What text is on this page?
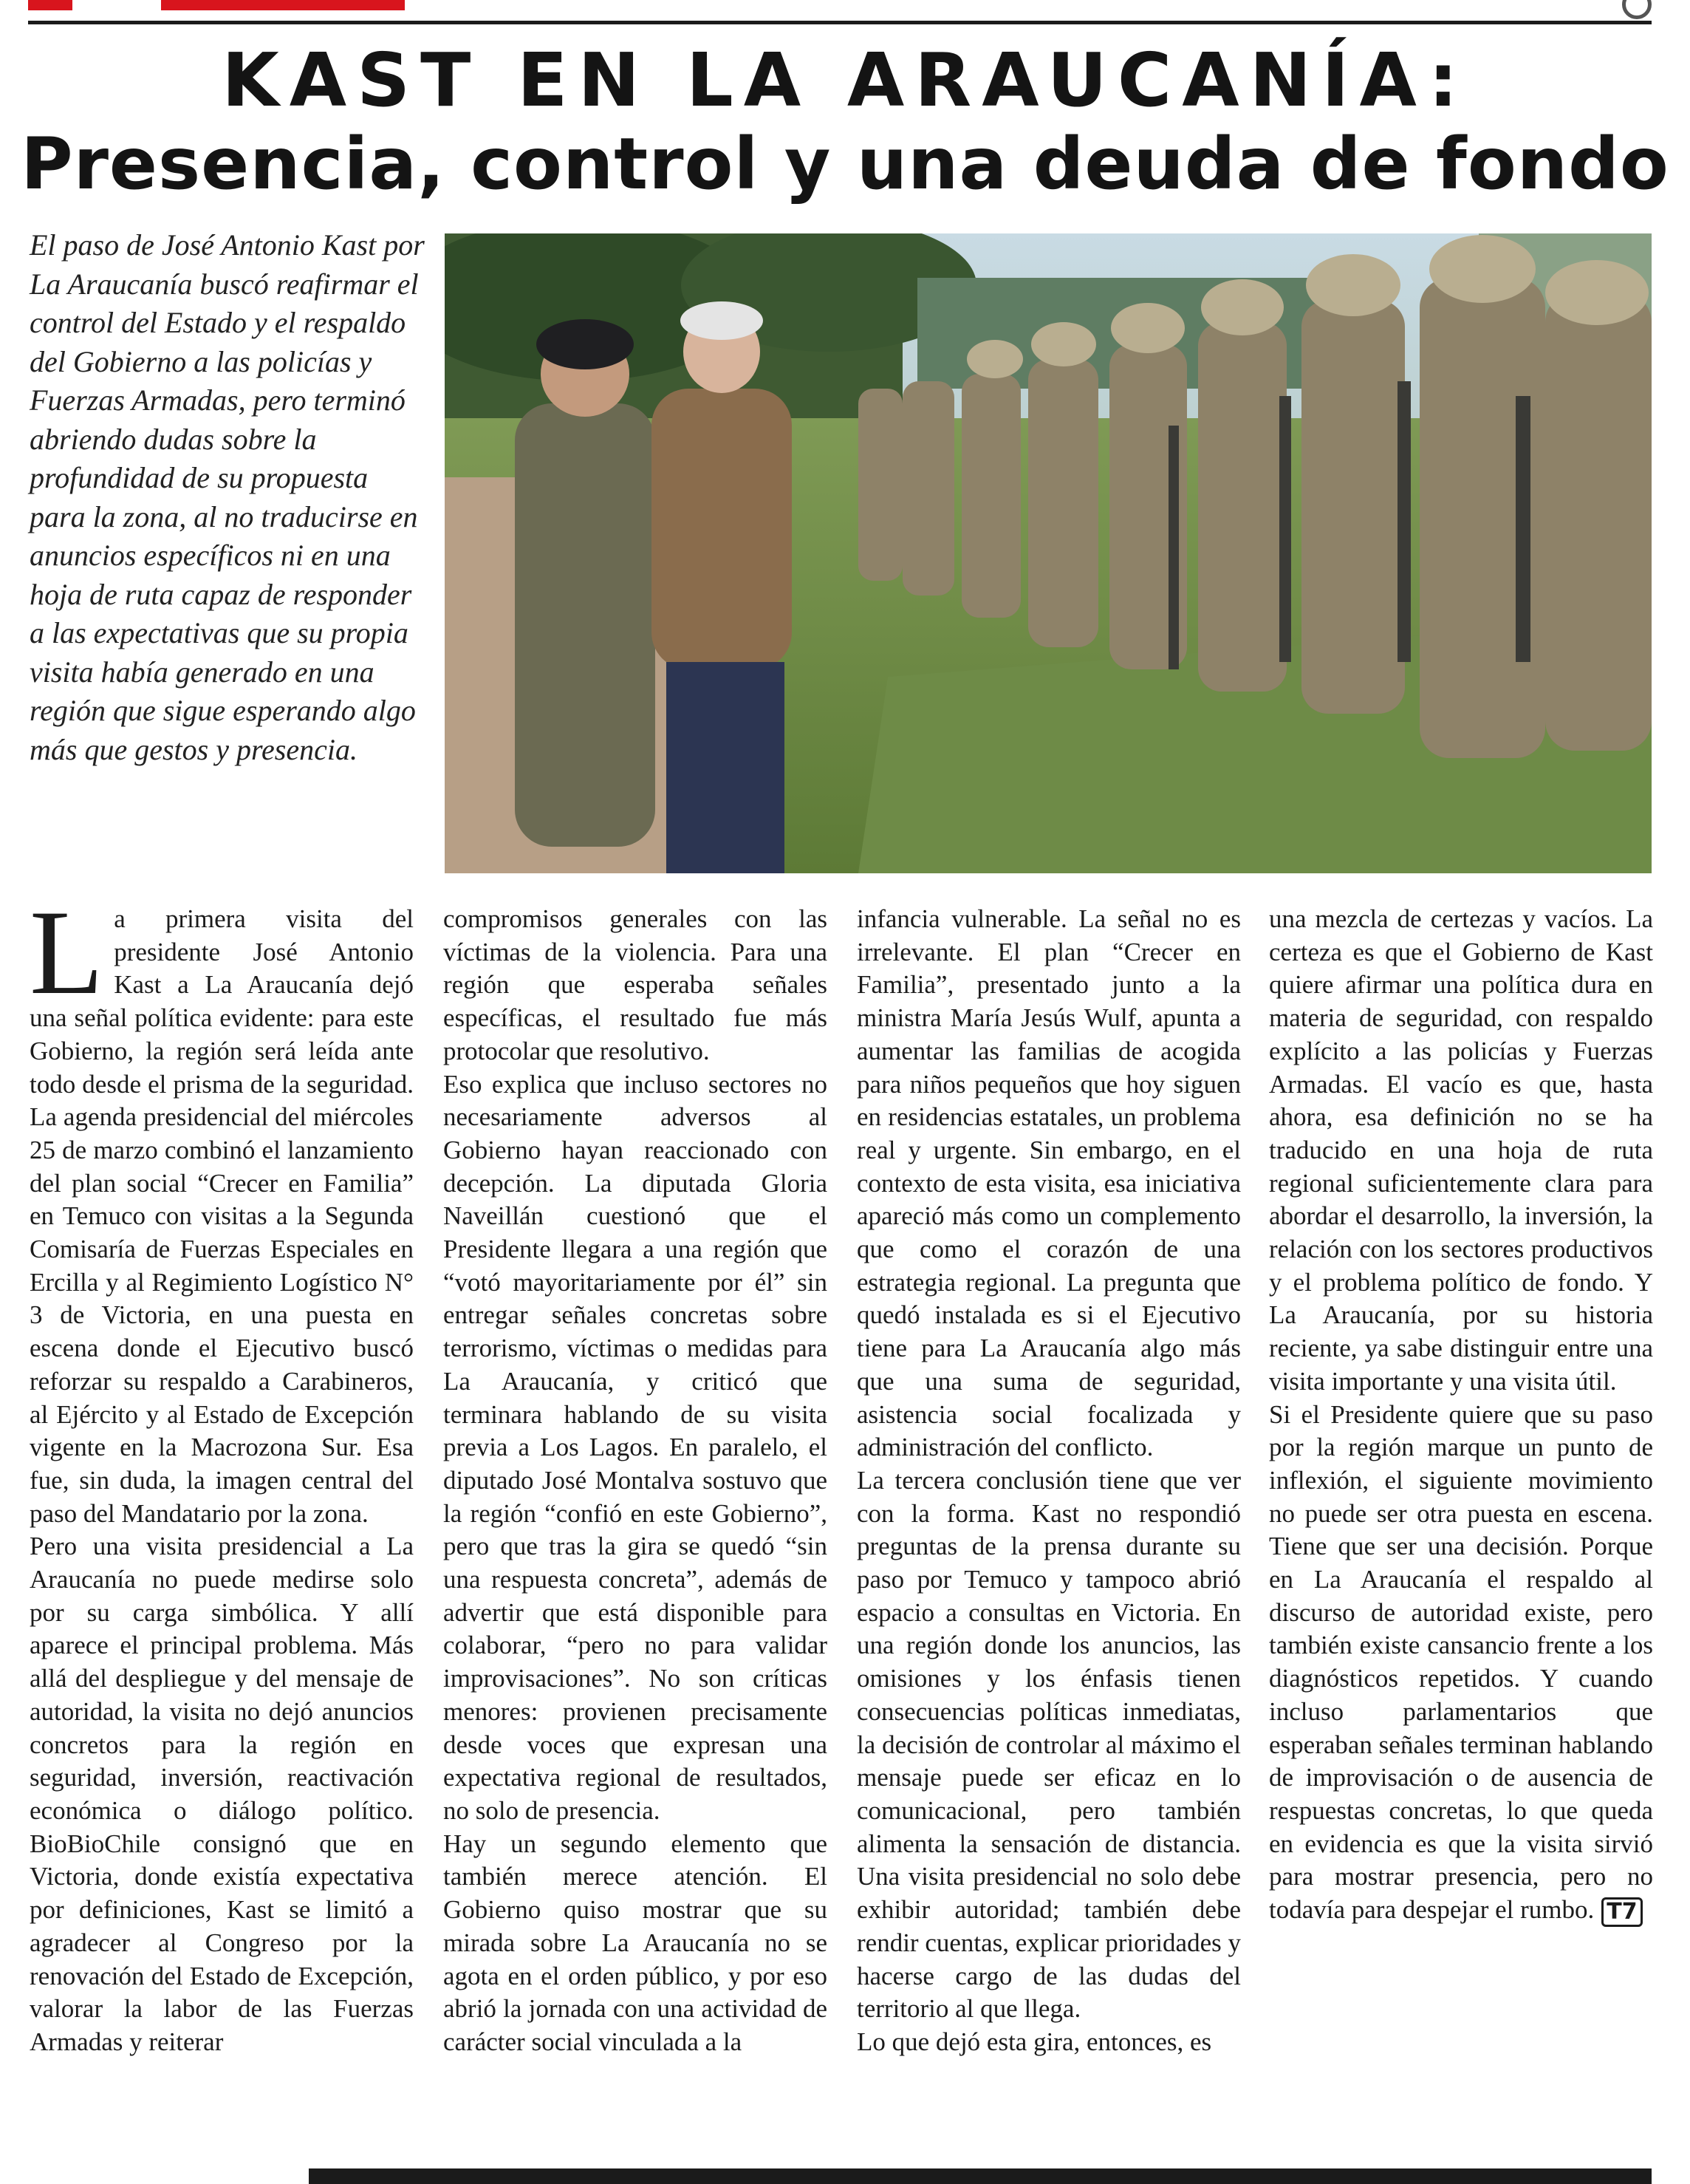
KAST EN LA ARAUCANÍA:
Presencia, control y una deuda de fondo

El paso de José Antonio Kast por La Araucanía buscó reafirmar el control del Estado y el respaldo del Gobierno a las policías y Fuerzas Armadas, pero terminó abriendo dudas sobre la profundidad de su propuesta para la zona, al no traducirse en anuncios específicos ni en una hoja de ruta capaz de responder a las expectativas que su propia visita había generado en una región que sigue esperando algo más que gestos y presencia.

La primera visita del presidente José Antonio Kast a La Araucanía dejó una señal política evidente: para este Gobierno, la región será leída ante todo desde el prisma de la seguridad. La agenda presidencial del miércoles 25 de marzo combinó el lanzamiento del plan social “Crecer en Familia” en Temuco con visitas a la Segunda Comisaría de Fuerzas Especiales en Ercilla y al Regimiento Logístico N° 3 de Victoria, en una puesta en escena donde el Ejecutivo buscó reforzar su respaldo a Carabineros, al Ejército y al Estado de Excepción vigente en la Macrozona Sur. Esa fue, sin duda, la imagen central del paso del Mandatario por la zona.

Pero una visita presidencial a La Araucanía no puede medirse solo por su carga simbólica. Y allí aparece el principal problema. Más allá del despliegue y del mensaje de autoridad, la visita no dejó anuncios concretos para la región en seguridad, inversión, reactivación económica o diálogo político. BioBioChile consignó que en Victoria, donde existía expectativa por definiciones, Kast se limitó a agradecer al Congreso por la renovación del Estado de Excepción, valorar la labor de las Fuerzas Armadas y reiterar

compromisos generales con las víctimas de la violencia. Para una región que esperaba señales específicas, el resultado fue más protocolar que resolutivo.

Eso explica que incluso sectores no necesariamente adversos al Gobierno hayan reaccionado con decepción. La diputada Gloria Naveillán cuestionó que el Presidente llegara a una región que “votó mayoritariamente por él” sin entregar señales concretas sobre terrorismo, víctimas o medidas para La Araucanía, y criticó que terminara hablando de su visita previa a Los Lagos. En paralelo, el diputado José Montalva sostuvo que la región “confió en este Gobierno”, pero que tras la gira se quedó “sin una respuesta concreta”, además de advertir que está disponible para colaborar, “pero no para validar improvisaciones”. No son críticas menores: provienen precisamente desde voces que expresan una expectativa regional de resultados, no solo de presencia.

Hay un segundo elemento que también merece atención. El Gobierno quiso mostrar que su mirada sobre La Araucanía no se agota en el orden público, y por eso abrió la jornada con una actividad de carácter social vinculada a la

infancia vulnerable. La señal no es irrelevante. El plan “Crecer en Familia”, presentado junto a la ministra María Jesús Wulf, apunta a aumentar las familias de acogida para niños pequeños que hoy siguen en residencias estatales, un problema real y urgente. Sin embargo, en el contexto de esta visita, esa iniciativa apareció más como un complemento que como el corazón de una estrategia regional. La pregunta que quedó instalada es si el Ejecutivo tiene para La Araucanía algo más que una suma de seguridad, asistencia social focalizada y administración del conflicto.

La tercera conclusión tiene que ver con la forma. Kast no respondió preguntas de la prensa durante su paso por Temuco y tampoco abrió espacio a consultas en Victoria. En una región donde los anuncios, las omisiones y los énfasis tienen consecuencias políticas inmediatas, la decisión de controlar al máximo el mensaje puede ser eficaz en lo comunicacional, pero también alimenta la sensación de distancia. Una visita presidencial no solo debe exhibir autoridad; también debe rendir cuentas, explicar prioridades y hacerse cargo de las dudas del territorio al que llega.

Lo que dejó esta gira, entonces, es

una mezcla de certezas y vacíos. La certeza es que el Gobierno de Kast quiere afirmar una política dura en materia de seguridad, con respaldo explícito a las policías y Fuerzas Armadas. El vacío es que, hasta ahora, esa definición no se ha traducido en una hoja de ruta regional suficientemente clara para abordar el desarrollo, la inversión, la relación con los sectores productivos y el problema político de fondo. Y La Araucanía, por su historia reciente, ya sabe distinguir entre una visita importante y una visita útil.

Si el Presidente quiere que su paso por la región marque un punto de inflexión, el siguiente movimiento no puede ser otra puesta en escena. Tiene que ser una decisión. Porque en La Araucanía el respaldo al discurso de autoridad existe, pero también existe cansancio frente a los diagnósticos repetidos. Y cuando incluso parlamentarios que esperaban señales terminan hablando de improvisación o de ausencia de respuestas concretas, lo que queda en evidencia es que la visita sirvió para mostrar presencia, pero no todavía para despejar el rumbo. T7
